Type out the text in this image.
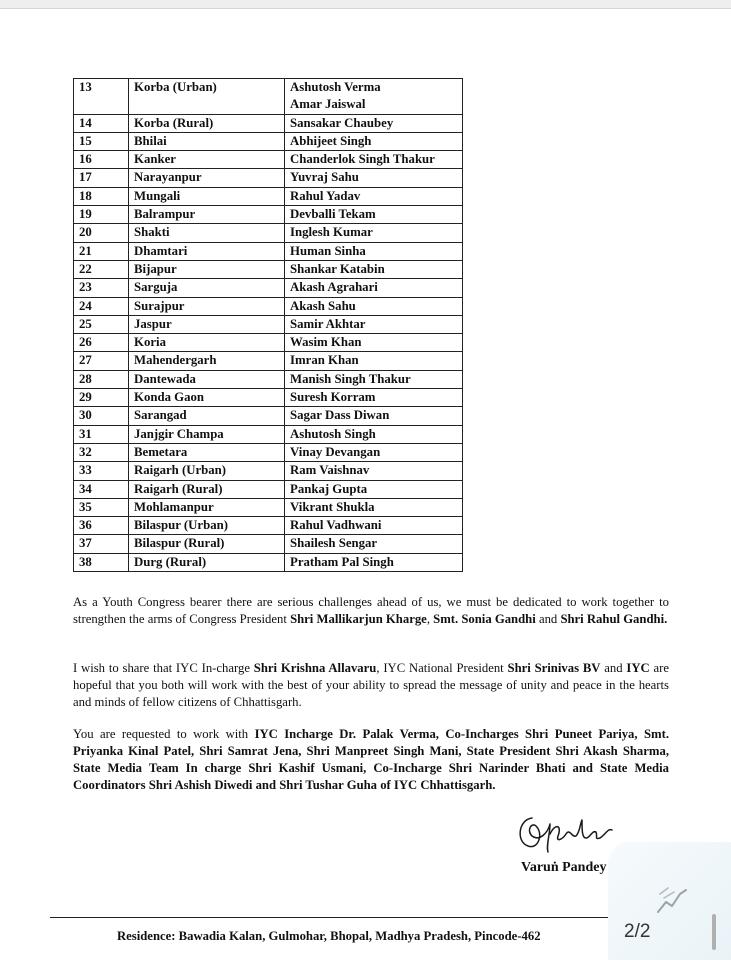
13	Korba (Urban)	Ashutosh Verma
Amar Jaiswal

14	Korba (Rural)	Sansakar Chaubey

15	Bhilai	Abhijeet Singh

16	Kanker	Chanderlok Singh Thakur

17	Narayanpur	Yuvraj Sahu

18	Mungali	Rahul Yadav

19	Balrampur	Devballi Tekam

20	Shakti	Inglesh Kumar

21	Dhamtari	Human Sinha

22	Bijapur	Shankar Katabin

23	Sarguja	Akash Agrahari

24	Surajpur	Akash Sahu

25	Jaspur	Samir Akhtar

26	Koria	Wasim Khan

27	Mahendergarh	Imran Khan

28	Dantewada	Manish Singh Thakur

29	Konda Gaon	Suresh Korram

30	Sarangad	Sagar Dass Diwan

31	Janjgir Champa	Ashutosh Singh

32	Bemetara	Vinay Devangan

33	Raigarh (Urban)	Ram Vaishnav

34	Raigarh (Rural)	Pankaj Gupta

35	Mohlamanpur	Vikrant Shukla

36	Bilaspur (Urban)	Rahul Vadhwani

37	Bilaspur (Rural)	Shailesh Sengar

38	Durg (Rural)	Pratham Pal Singh
As a Youth Congress bearer there are serious challenges ahead of us, we must be dedicated to work together to strengthen the arms of Congress President Shri Mallikarjun Kharge, Smt. Sonia Gandhi and Shri Rahul Gandhi.
I wish to share that IYC In-charge Shri Krishna Allavaru, IYC National President Shri Srinivas BV and IYC are hopeful that you both will work with the best of your ability to spread the message of unity and peace in the hearts and minds of fellow citizens of Chhattisgarh.
You are requested to work with IYC Incharge Dr. Palak Verma, Co-Incharges Shri Puneet Pariya, Smt. Priyanka Kinal Patel, Shri Samrat Jena, Shri Manpreet Singh Mani, State President Shri Akash Sharma, State Media Team In charge Shri Kashif Usmani, Co-Incharge Shri Narinder Bhati and State Media Coordinators Shri Ashish Diwedi and Shri Tushar Guha of IYC Chhattisgarh.
Varuṅ Pandey
Residence: Bawadia Kalan, Gulmohar, Bhopal, Madhya Pradesh, Pincode-462	2/2
